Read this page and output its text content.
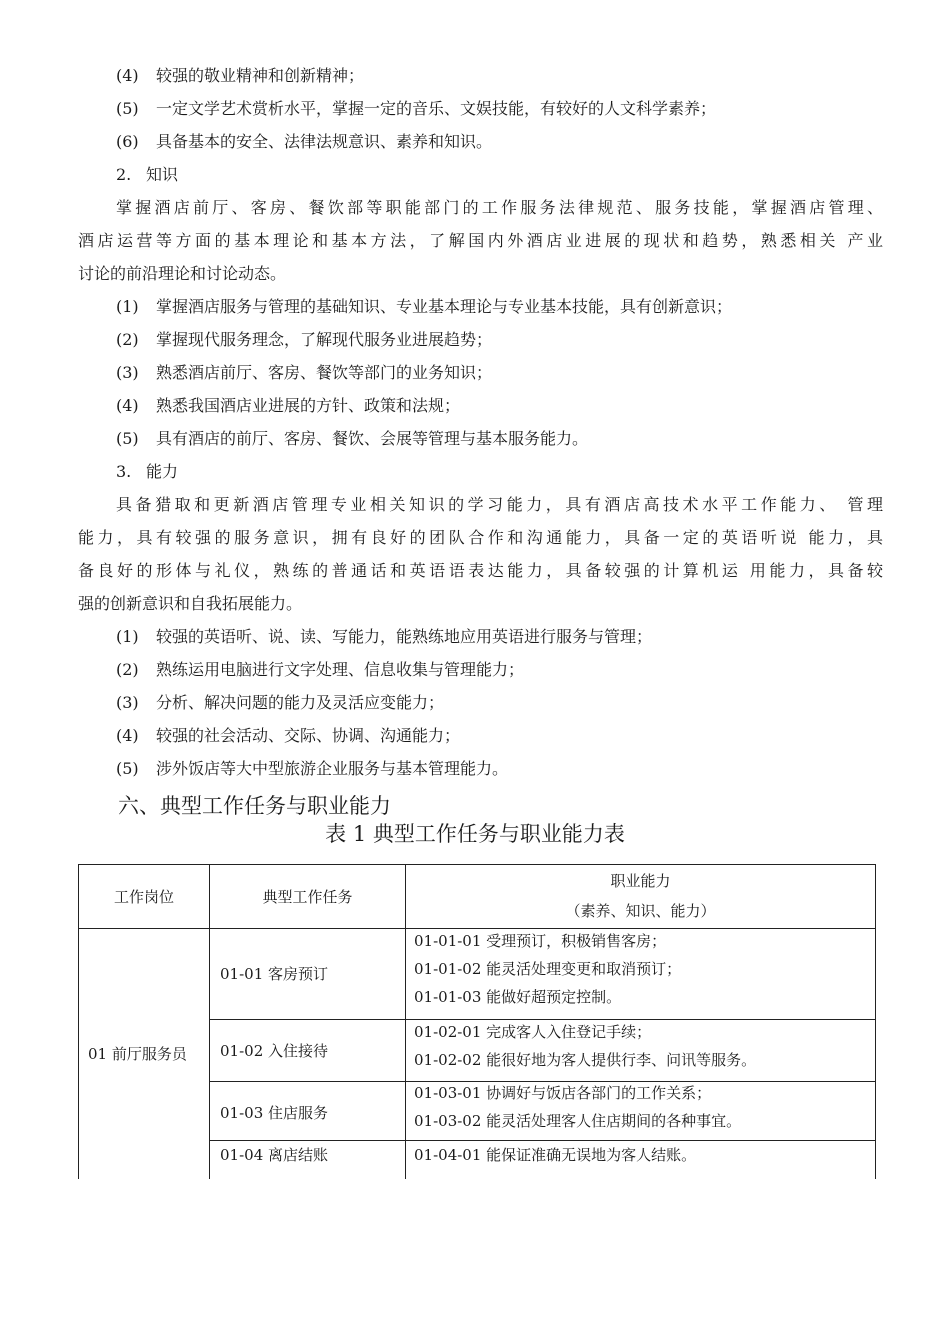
(4) 较强的敬业精神和创新精神；
(5) 一定文学艺术赏析水平，掌握一定的音乐、文娱技能，有较好的人文科学素养；
(6) 具备基本的安全、法律法规意识、素养和知识。
2. 知识
掌握酒店前厅、客房、餐饮部等职能部门的工作服务法律规范、服务技能，掌握酒店管理、
酒店运营等方面的基本理论和基本方法，了解国内外酒店业进展的现状和趋势，熟悉相关 产业
讨论的前沿理论和讨论动态。
(1) 掌握酒店服务与管理的基础知识、专业基本理论与专业基本技能，具有创新意识；
(2) 掌握现代服务理念，了解现代服务业进展趋势；
(3) 熟悉酒店前厅、客房、餐饮等部门的业务知识；
(4) 熟悉我国酒店业进展的方针、政策和法规；
(5) 具有酒店的前厅、客房、餐饮、会展等管理与基本服务能力。
3. 能力
具备猎取和更新酒店管理专业相关知识的学习能力，具有酒店高技术水平工作能力、 管理
能力，具有较强的服务意识，拥有良好的团队合作和沟通能力，具备一定的英语听说 能力，具
备良好的形体与礼仪，熟练的普通话和英语语表达能力，具备较强的计算机运 用能力，具备较
强的创新意识和自我拓展能力。
(1) 较强的英语听、说、读、写能力，能熟练地应用英语进行服务与管理；
(2) 熟练运用电脑进行文字处理、信息收集与管理能力；
(3) 分析、解决问题的能力及灵活应变能力；
(4) 较强的社会活动、交际、协调、沟通能力；
(5) 涉外饭店等大中型旅游企业服务与基本管理能力。
六、典型工作任务与职业能力
表 1 典型工作任务与职业能力表
工作岗位	典型工作任务
职业能力
（素养、知识、能力）
01 前厅服务员
01-01 客房预订
01-01-01 受理预订，积极销售客房；
01-01-02 能灵活处理变更和取消预订；
01-01-03 能做好超预定控制。
01-02 入住接待
01-02-01 完成客人入住登记手续；
01-02-02 能很好地为客人提供行李、问讯等服务。
01-03 住店服务
01-03-01 协调好与饭店各部门的工作关系；
01-03-02 能灵活处理客人住店期间的各种事宜。
01-04 离店结账	01-04-01 能保证准确无误地为客人结账。
